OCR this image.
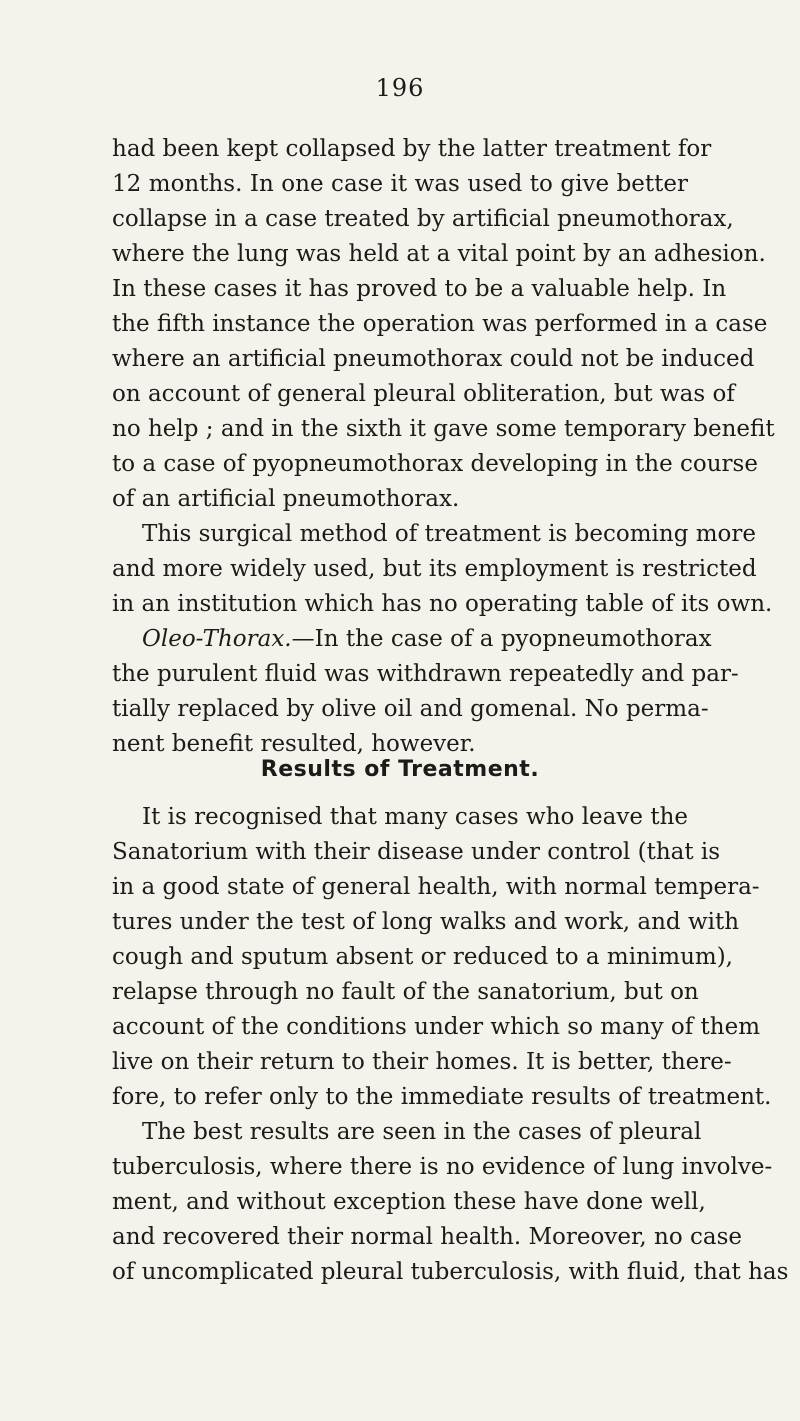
196
had been kept collapsed by the latter treatment for
12 months. In one case it was used to give better
collapse in a case treated by artificial pneumothorax,
where the lung was held at a vital point by an adhesion.
In these cases it has proved to be a valuable help. In
the fifth instance the operation was performed in a case
where an artificial pneumothorax could not be induced
on account of general pleural obliteration, but was of
no help ; and in the sixth it gave some temporary benefit
to a case of pyopneumothorax developing in the course
of an artificial pneumothorax.
This surgical method of treatment is becoming more
and more widely used, but its employment is restricted
in an institution which has no operating table of its own.
Oleo-Thorax.—In the case of a pyopneumothorax
the purulent fluid was withdrawn repeatedly and par-
tially replaced by olive oil and gomenal. No perma-
nent benefit resulted, however.
Results of Treatment.
It is recognised that many cases who leave the
Sanatorium with their disease under control (that is
in a good state of general health, with normal tempera-
tures under the test of long walks and work, and with
cough and sputum absent or reduced to a minimum),
relapse through no fault of the sanatorium, but on
account of the conditions under which so many of them
live on their return to their homes. It is better, there-
fore, to refer only to the immediate results of treatment.
The best results are seen in the cases of pleural
tuberculosis, where there is no evidence of lung involve-
ment, and without exception these have done well,
and recovered their normal health. Moreover, no case
of uncomplicated pleural tuberculosis, with fluid, that has
